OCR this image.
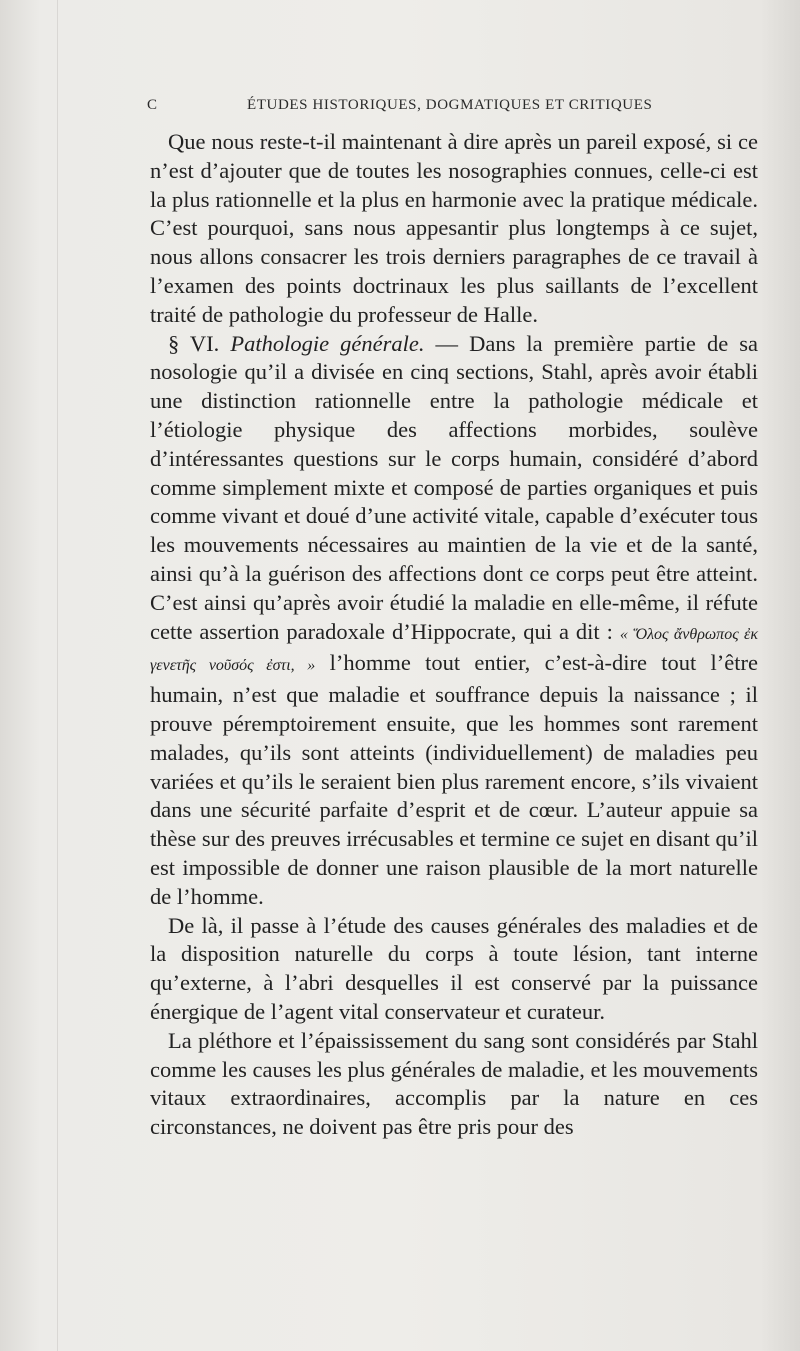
C	ÉTUDES HISTORIQUES, DOGMATIQUES ET CRITIQUES

Que nous reste-t-il maintenant à dire après un pareil exposé, si ce n’est d’ajouter que de toutes les nosographies connues, celle-ci est la plus rationnelle et la plus en harmonie avec la pratique médicale. C’est pourquoi, sans nous appesantir plus longtemps à ce sujet, nous allons consacrer les trois derniers paragraphes de ce travail à l’examen des points doctrinaux les plus saillants de l’excellent traité de pathologie du professeur de Halle.

§ VI. Pathologie générale. — Dans la première partie de sa nosologie qu’il a divisée en cinq sections, Stahl, après avoir établi une distinction rationnelle entre la pathologie médicale et l’étiologie physique des affections morbides, soulève d’intéressantes questions sur le corps humain, considéré d’abord comme simplement mixte et composé de parties organiques et puis comme vivant et doué d’une activité vitale, capable d’exécuter tous les mouvements nécessaires au maintien de la vie et de la santé, ainsi qu’à la guérison des affections dont ce corps peut être atteint. C’est ainsi qu’après avoir étudié la maladie en elle-même, il réfute cette assertion paradoxale d’Hippocrate, qui a dit : « Ὅλος ἄνθρωπος ἐκ γενετῆς νοῦσός ἐστι, » l’homme tout entier, c’est-à-dire tout l’être humain, n’est que maladie et souffrance depuis la naissance ; il prouve péremptoirement ensuite, que les hommes sont rarement malades, qu’ils sont atteints (individuellement) de maladies peu variées et qu’ils le seraient bien plus rarement encore, s’ils vivaient dans une sécurité parfaite d’esprit et de cœur. L’auteur appuie sa thèse sur des preuves irrécusables et termine ce sujet en disant qu’il est impossible de donner une raison plausible de la mort naturelle de l’homme.

De là, il passe à l’étude des causes générales des maladies et de la disposition naturelle du corps à toute lésion, tant interne qu’externe, à l’abri desquelles il est conservé par la puissance énergique de l’agent vital conservateur et curateur.

La pléthore et l’épaississement du sang sont considérés par Stahl comme les causes les plus générales de maladie, et les mouvements vitaux extraordinaires, accomplis par la nature en ces circonstances, ne doivent pas être pris pour des
